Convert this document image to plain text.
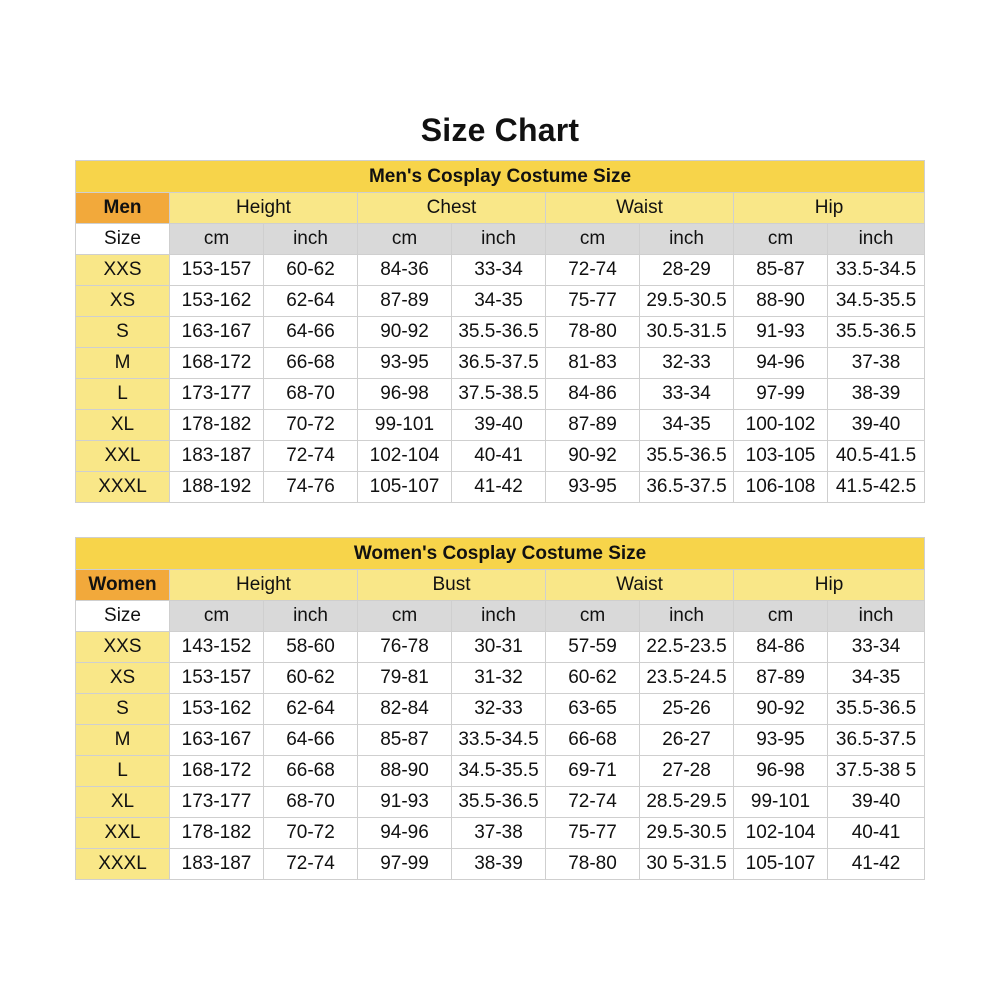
Size Chart
Men's Cosplay Costume Size								
Men	Height		Chest		Waist		Hip	
Size	cm	inch	cm	inch	cm	inch	cm	inch
XXS	153-157	60-62	84-36	33-34	72-74	28-29	85-87	33.5-34.5
XS	153-162	62-64	87-89	34-35	75-77	29.5-30.5	88-90	34.5-35.5
S	163-167	64-66	90-92	35.5-36.5	78-80	30.5-31.5	91-93	35.5-36.5
M	168-172	66-68	93-95	36.5-37.5	81-83	32-33	94-96	37-38
L	173-177	68-70	96-98	37.5-38.5	84-86	33-34	97-99	38-39
XL	178-182	70-72	99-101	39-40	87-89	34-35	100-102	39-40
XXL	183-187	72-74	102-104	40-41	90-92	35.5-36.5	103-105	40.5-41.5
XXXL	188-192	74-76	105-107	41-42	93-95	36.5-37.5	106-108	41.5-42.5
Women's Cosplay Costume Size								
Women	Height		Bust		Waist		Hip	
Size	cm	inch	cm	inch	cm	inch	cm	inch
XXS	143-152	58-60	76-78	30-31	57-59	22.5-23.5	84-86	33-34
XS	153-157	60-62	79-81	31-32	60-62	23.5-24.5	87-89	34-35
S	153-162	62-64	82-84	32-33	63-65	25-26	90-92	35.5-36.5
M	163-167	64-66	85-87	33.5-34.5	66-68	26-27	93-95	36.5-37.5
L	168-172	66-68	88-90	34.5-35.5	69-71	27-28	96-98	37.5-38 5
XL	173-177	68-70	91-93	35.5-36.5	72-74	28.5-29.5	99-101	39-40
XXL	178-182	70-72	94-96	37-38	75-77	29.5-30.5	102-104	40-41
XXXL	183-187	72-74	97-99	38-39	78-80	30 5-31.5	105-107	41-42
